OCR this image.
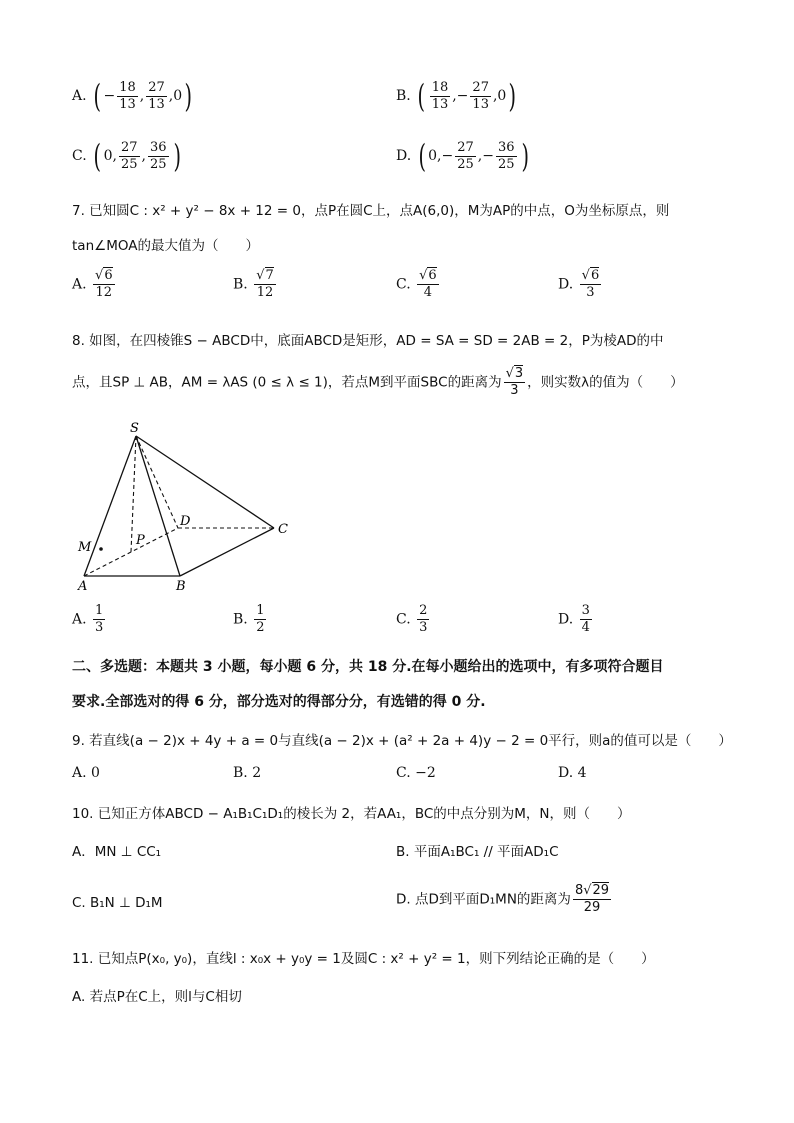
A. ( − $\frac{18}{13}$ , $\frac{27}{13} ,0$)	B. ( $\frac{18}{13}$ ,− $\frac{27}{13} ,0$)
C. ( 0, $\frac{27}{25}$ , $\frac{36}{25}$ )	D. ( $0,- \frac{27}{25}$ ,− $\frac{36}{25}$ )
7. 已知圆C : x² + y² − 8x + 12 = 0，点P在圆C上，点A(6,0)，M为AP的中点，O为坐标原点，则
tan∠MOA的最大值为（　　）
A. $\frac{√6}{12}$	B. $\frac{√7}{12}$	C. $\frac{√6}{4}$	D. $\frac{√6}{3}$
8. 如图，在四棱锥S − ABCD中，底面ABCD是矩形，AD = SA = SD = 2AB = 2，P为棱AD的中
点，且SP ⊥ AB，AM = λAS (0 ≤ λ ≤ 1)，若点M到平面SBC的距离为 $\frac{√3}{3}$ ，则实数λ的值为（　　）
S
D
C
M	P
A	B
A. $\frac{1}{3}$	B. $\frac{1}{2}$	C. $\frac{2}{3}$	D. $\frac{3}{4}$
二、多选题：本题共 3 小题，每小题 6 分，共 18 分.在每小题给出的选项中，有多项符合题目
要求.全部选对的得 6 分，部分选对的得部分分，有选错的得 0 分.
9. 若直线(a − 2)x + 4y + a = 0与直线(a − 2)x + (a² + 2a + 4)y − 2 = 0平行，则a的值可以是（　　）
A. 0	B. 2	C. −2	D. 4
10. 已知正方体ABCD − A₁B₁C₁D₁的棱长为 2，若AA₁，BC的中点分别为M，N，则（　　）
A．MN ⊥ CC₁	B. 平面A₁BC₁ // 平面AD₁C
C. B₁N ⊥ D₁M	D. 点D到平面D₁MN的距离为 $\frac{8√29}{29}$
11. 已知点P(x₀, y₀)，直线l : x₀x + y₀y = 1及圆C : x² + y² = 1，则下列结论正确的是（　　）
A. 若点P在C上，则l与C相切
